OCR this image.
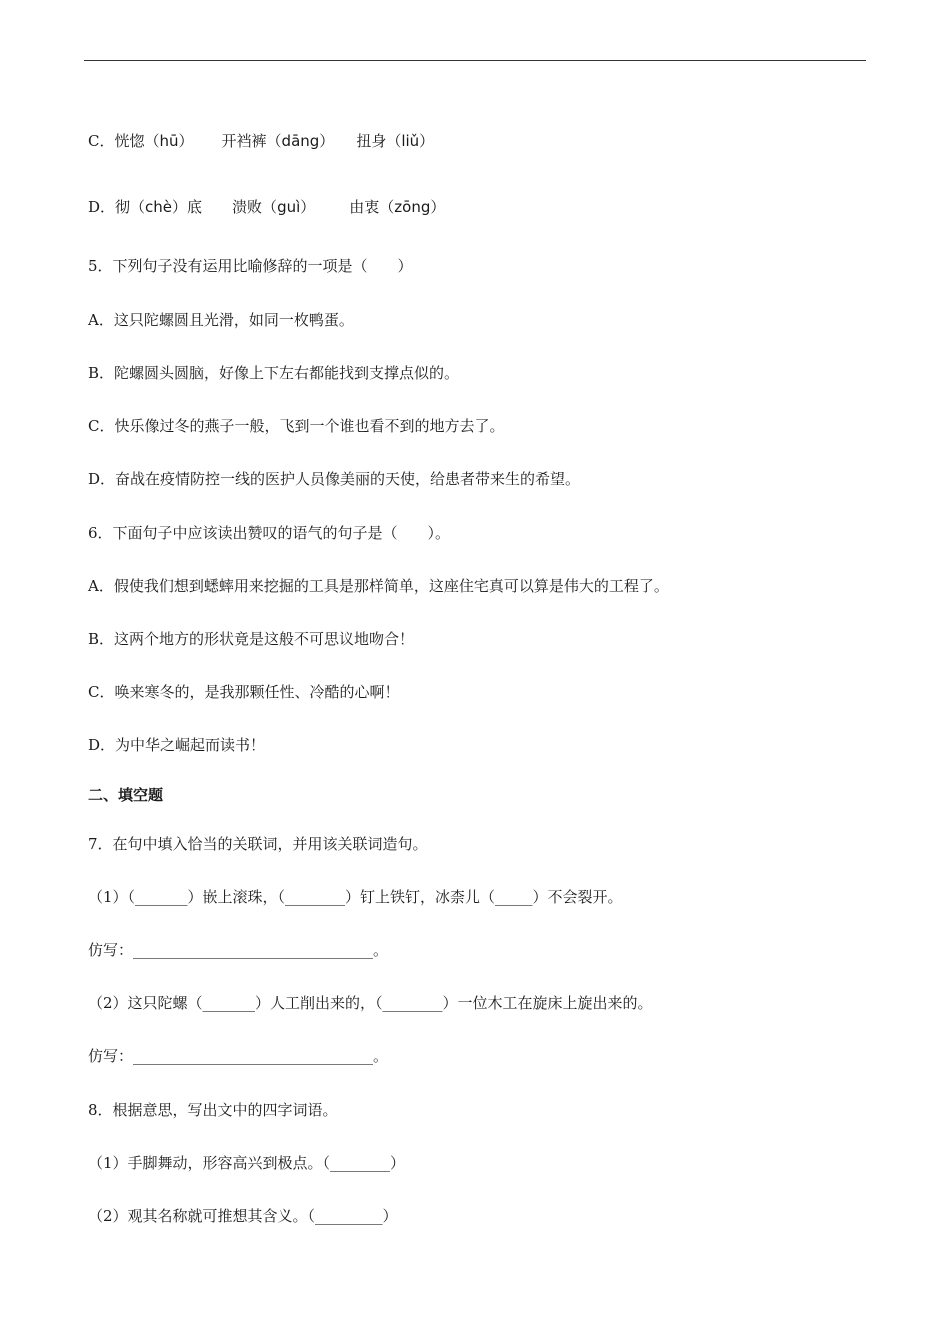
C．恍惚（hū） 开裆裤（dāng） 扭身（liǔ）
D．彻（chè）底 溃败（guì） 由衷（zōng）
5．下列句子没有运用比喻修辞的一项是（　　）
A．这只陀螺圆且光滑，如同一枚鸭蛋。
B．陀螺圆头圆脑，好像上下左右都能找到支撑点似的。
C．快乐像过冬的燕子一般，飞到一个谁也看不到的地方去了。
D．奋战在疫情防控一线的医护人员像美丽的天使，给患者带来生的希望。
6．下面句子中应该读出赞叹的语气的句子是（　　）。
A．假使我们想到蟋蟀用来挖掘的工具是那样简单，这座住宅真可以算是伟大的工程了。
B．这两个地方的形状竟是这般不可思议地吻合！
C．唤来寒冬的，是我那颗任性、冷酷的心啊！
D．为中华之崛起而读书！
二、填空题
7．在句中填入恰当的关联词，并用该关联词造句。
（1）（_______）嵌上滚珠，（________）钉上铁钉，冰柰儿（_____）不会裂开。
仿写：________________________________。
（2）这只陀螺（_______）人工削出来的，（________）一位木工在旋床上旋出来的。
仿写：________________________________。
8．根据意思，写出文中的四字词语。
（1）手脚舞动，形容高兴到极点。（________）
（2）观其名称就可推想其含义。（_________）
